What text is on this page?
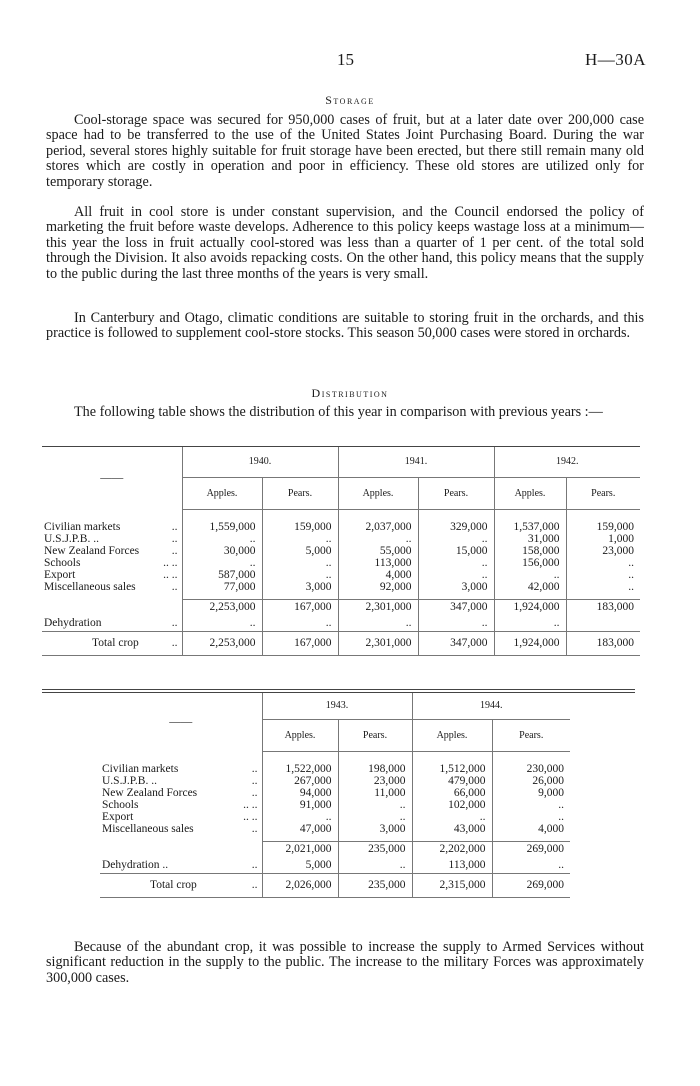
15	H—30A
Storage
Cool-storage space was secured for 950,000 cases of fruit, but at a later date over 200,000 case space had to be transferred to the use of the United States Joint Purchasing Board. During the war period, several stores highly suitable for fruit storage have been erected, but there still remain many old stores which are costly in operation and poor in efficiency. These old stores are utilized only for temporary storage.
All fruit in cool store is under constant supervision, and the Council endorsed the policy of marketing the fruit before waste develops. Adherence to this policy keeps wastage loss at a minimum—this year the loss in fruit actually cool-stored was less than a quarter of 1 per cent. of the total sold through the Division. It also avoids repacking costs. On the other hand, this policy means that the supply to the public during the last three months of the years is very small.
In Canterbury and Otago, climatic conditions are suitable to storing fruit in the orchards, and this practice is followed to supplement cool-store stocks. This season 50,000 cases were stored in orchards.
Distribution
The following table shows the distribution of this year in comparison with previous years :—
——	1940.		1941.		1942.	
	Apples.	Pears.	Apples.	Pears.	Apples.	Pears.

Civilian markets ..	1,559,000	159,000	2,037,000	329,000	1,537,000	159,000

U.S.J.P.B. .. ..	..	..	..	..	31,000	1,000

New Zealand Forces ..	30,000	5,000	55,000	15,000	158,000	23,000

Schools .. ..	..	..	113,000	..	156,000	..

Export .. ..	587,000	..	4,000	..	..	..

Miscellaneous sales ..	77,000	3,000	92,000	3,000	42,000	..

	2,253,000	167,000	2,301,000	347,000	1,924,000	183,000

Dehydration ..	..	..	..	..	..	

Total crop ..	2,253,000	167,000	2,301,000	347,000	1,924,000	183,000
——	1943.		1944.	
	Apples.	Pears.	Apples.	Pears.

Civilian markets ..	1,522,000	198,000	1,512,000	230,000

U.S.J.P.B. .. ..	267,000	23,000	479,000	26,000

New Zealand Forces ..	94,000	11,000	66,000	9,000

Schools .. ..	91,000	..	102,000	..

Export .. ..	..	..	..	..

Miscellaneous sales ..	47,000	3,000	43,000	4,000

	2,021,000	235,000	2,202,000	269,000

Dehydration .. ..	5,000	..	113,000	..

Total crop ..	2,026,000	235,000	2,315,000	269,000
Because of the abundant crop, it was possible to increase the supply to Armed Services without significant reduction in the supply to the public. The increase to the military Forces was approximately 300,000 cases.
